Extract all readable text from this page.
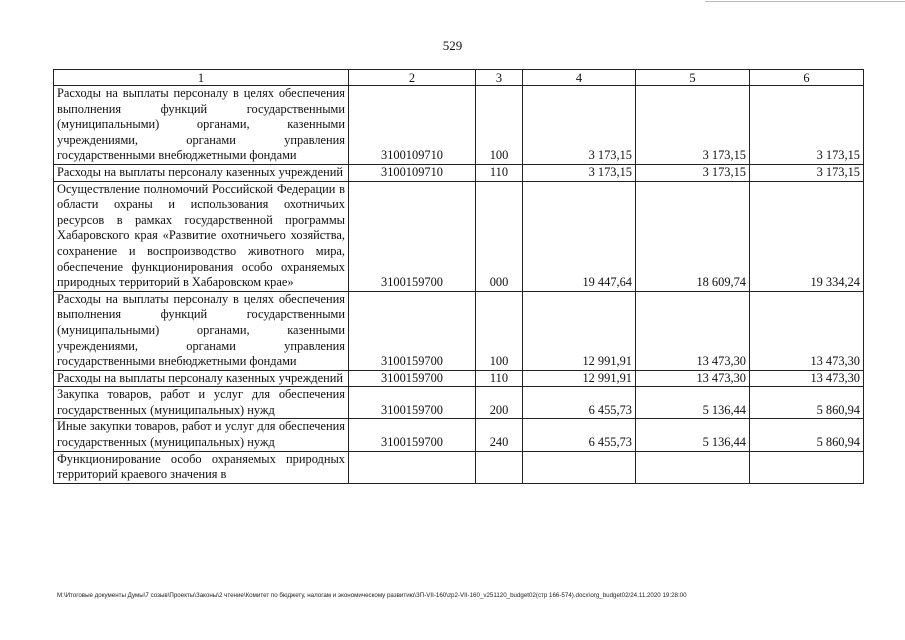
529
1	2	3	4	5	6
Расходы на выплаты персоналу в целях обеспечения выполнения функций государственными (муниципальными) органами, казенными учреждениями, органами управления государственными внебюджетными фондами	3100109710	100	3 173,15	3 173,15	3 173,15
Расходы на выплаты персоналу казенных учреждений	3100109710	110	3 173,15	3 173,15	3 173,15
Осуществление полномочий Российской Федерации в области охраны и использования охотничьих ресурсов в рамках государственной программы Хабаровского края «Развитие охотничьего хозяйства, сохранение и воспроизводство животного мира, обеспечение функционирования особо охраняемых природных территорий в Хабаровском крае»	3100159700	000	19 447,64	18 609,74	19 334,24
Расходы на выплаты персоналу в целях обеспечения выполнения функций государственными (муниципальными) органами, казенными учреждениями, органами управления государственными внебюджетными фондами	3100159700	100	12 991,91	13 473,30	13 473,30
Расходы на выплаты персоналу казенных учреждений	3100159700	110	12 991,91	13 473,30	13 473,30
Закупка товаров, работ и услуг для обеспечения государственных (муниципальных) нужд	3100159700	200	6 455,73	5 136,44	5 860,94
Иные закупки товаров, работ и услуг для обеспечения государственных (муниципальных) нужд	3100159700	240	6 455,73	5 136,44	5 860,94
Функционирование особо охраняемых природных территорий краевого значения в					
M:\Итоговые документы Думы\7 созыв\Проекты\Законы\2 чтение\Комитет по бюджету, налогам и экономическому развитию\ЗП-VII-160\zp2-VII-160_v251120_budget02(стр 166-574).docx\org_budget02/24.11.2020 19:28:00
